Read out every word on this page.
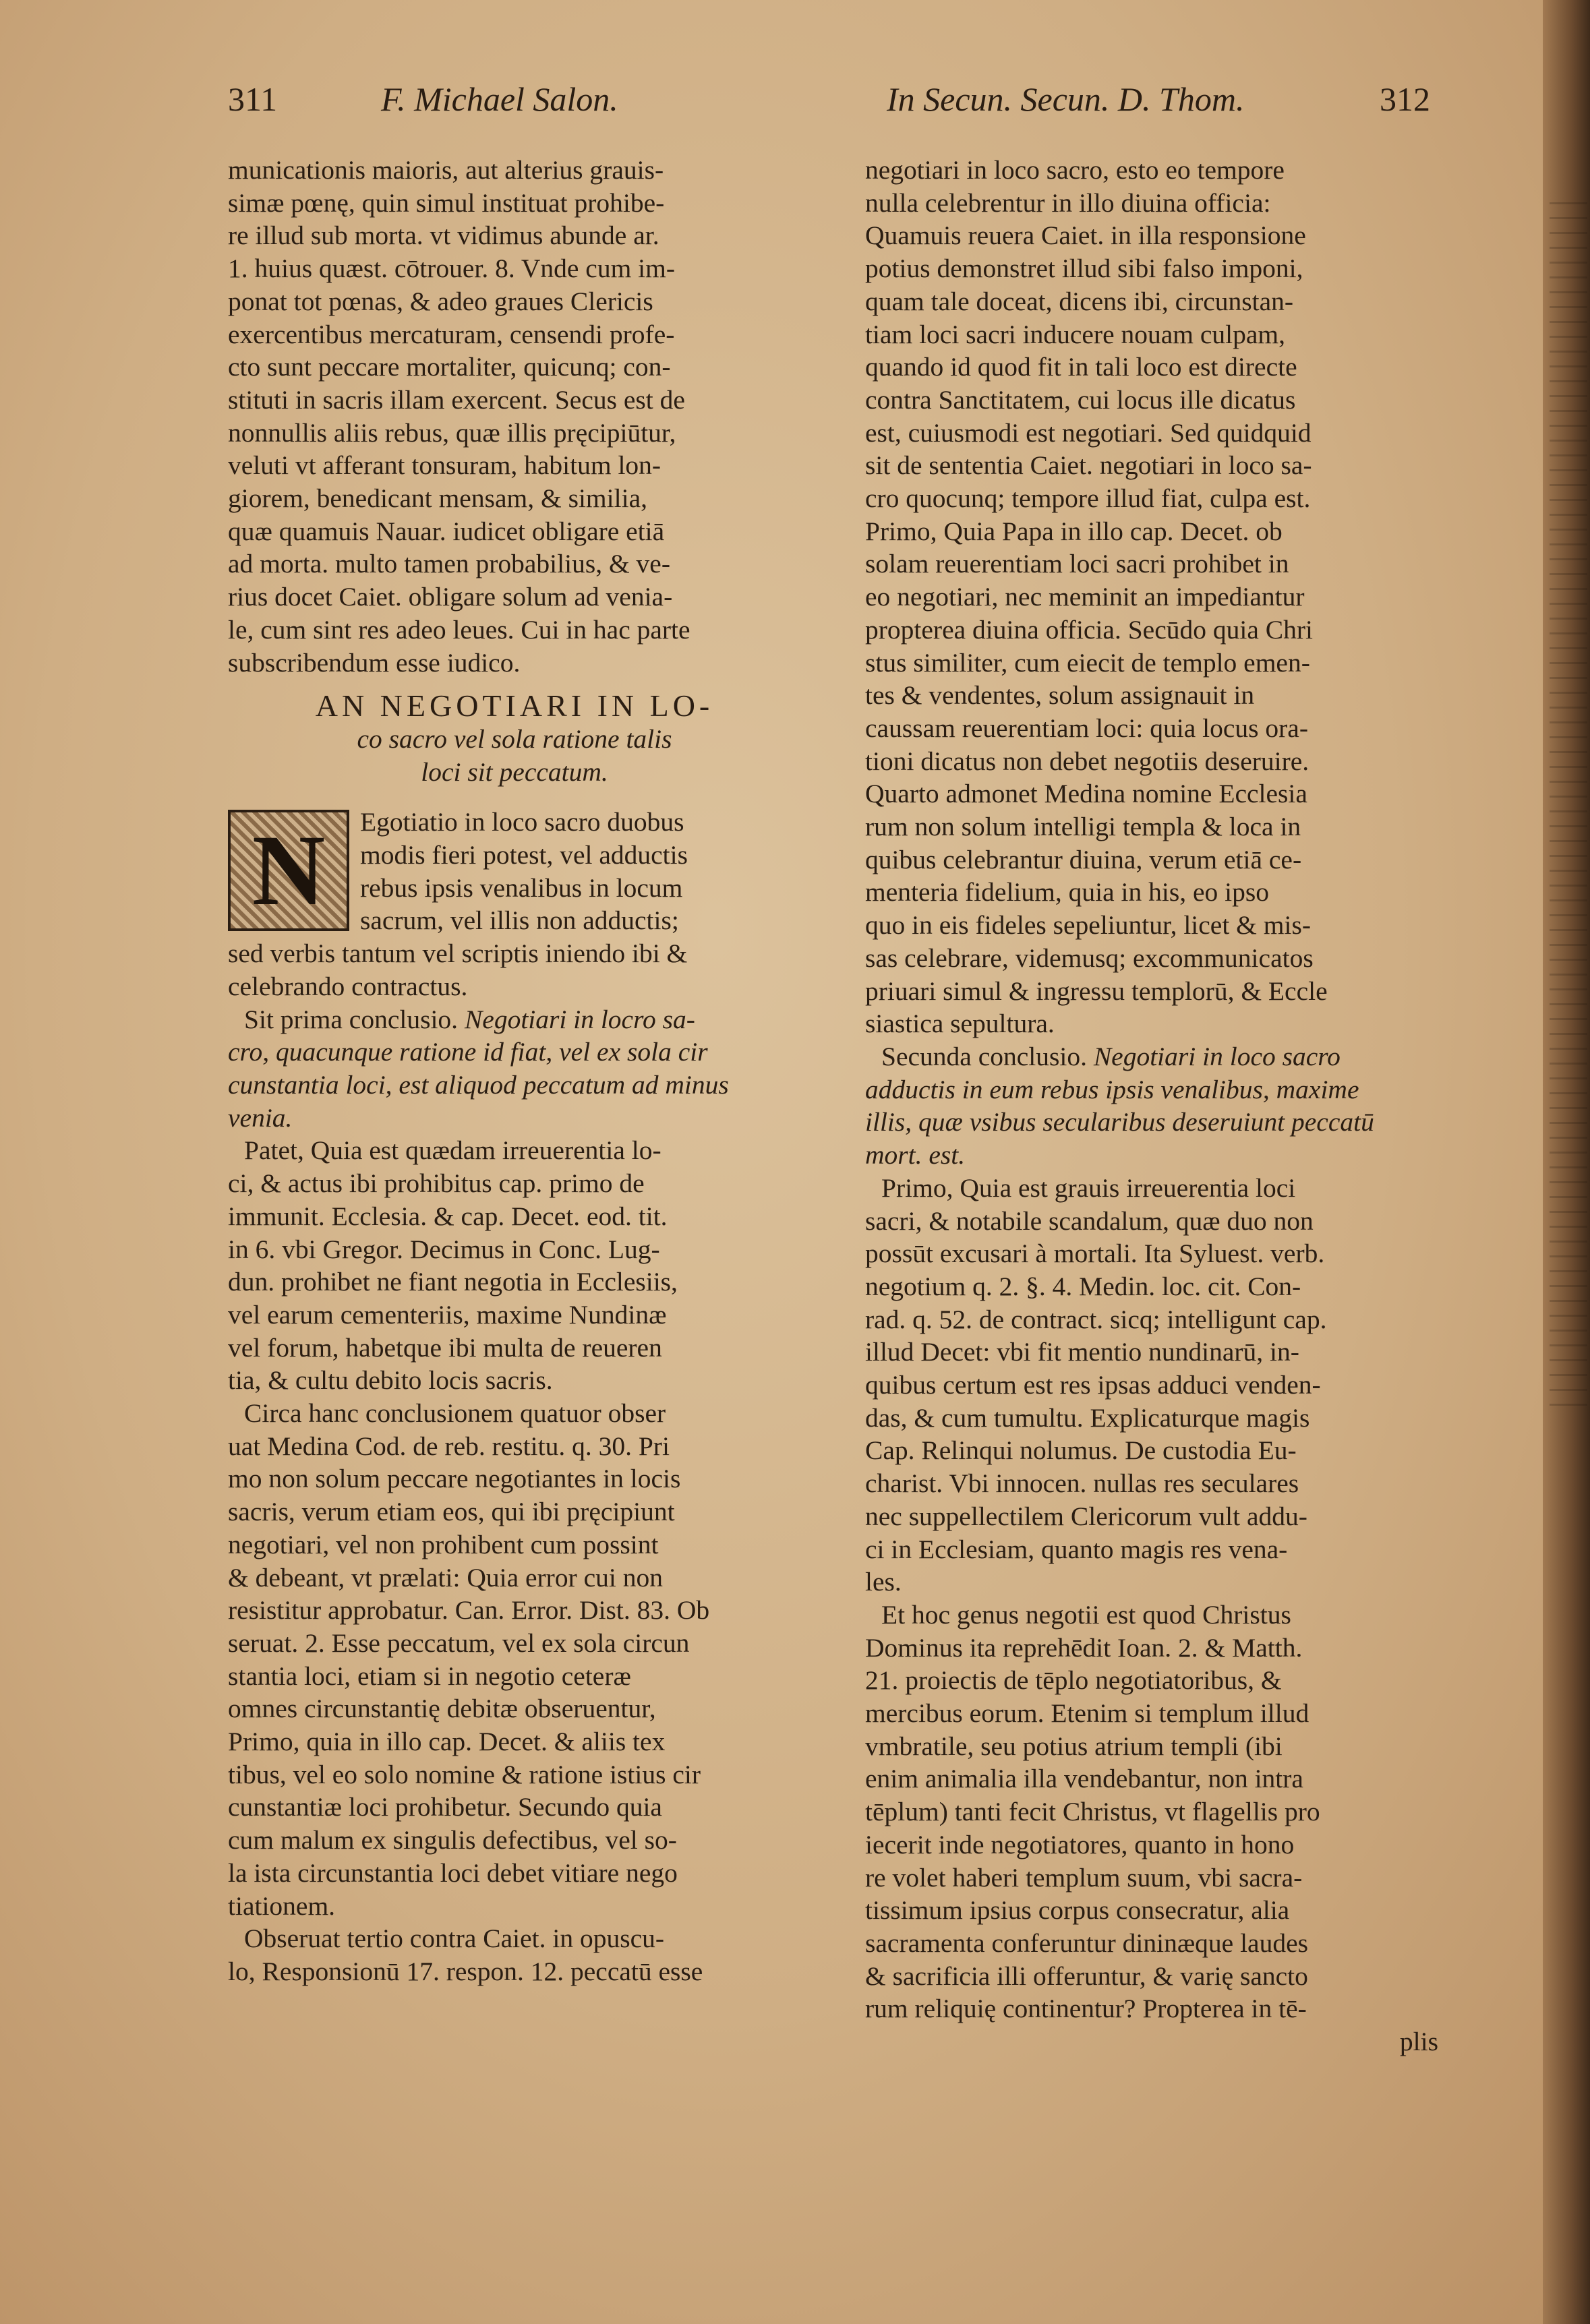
311	F. Michael Salon.	In Secun. Secun. D. Thom.	312

municationis maioris, aut alterius grauis-

simæ pœnę, quin simul instituat prohibe-

re illud sub morta. vt vidimus abunde ar.

1. huius quæst. cōtrouer. 8. Vnde cum im-

ponat tot pœnas, & adeo graues Clericis

exercentibus mercaturam, censendi profe-

cto sunt peccare mortaliter, quicunq; con-

stituti in sacris illam exercent. Secus est de

nonnullis aliis rebus, quæ illis pręcipiūtur,

veluti vt afferant tonsuram, habitum lon-

giorem, benedicant mensam, & similia,

quæ quamuis Nauar. iudicet obligare etiā

ad morta. multo tamen probabilius, & ve-

rius docet Caiet. obligare solum ad venia-

le, cum sint res adeo leues. Cui in hac parte

subscribendum esse iudico.

AN NEGOTIARI IN LO-

co sacro vel sola ratione talis

loci sit peccatum.

N	Egotiatio in loco sacro duobus

modis fieri potest, vel adductis

rebus ipsis venalibus in locum

sacrum, vel illis non adductis;

sed verbis tantum vel scriptis iniendo ibi &

celebrando contractus.

Sit prima conclusio. Negotiari in locro sa-

cro, quacunque ratione id fiat, vel ex sola cir

cunstantia loci, est aliquod peccatum ad minus

venia.

Patet, Quia est quædam irreuerentia lo-

ci, & actus ibi prohibitus cap. primo de

immunit. Ecclesia. & cap. Decet. eod. tit.

in 6. vbi Gregor. Decimus in Conc. Lug-

dun. prohibet ne fiant negotia in Ecclesiis,

vel earum cementeriis, maxime Nundinæ

vel forum, habetque ibi multa de reueren

tia, & cultu debito locis sacris.

Circa hanc conclusionem quatuor obser

uat Medina Cod. de reb. restitu. q. 30. Pri

mo non solum peccare negotiantes in locis

sacris, verum etiam eos, qui ibi pręcipiunt

negotiari, vel non prohibent cum possint

& debeant, vt prælati: Quia error cui non

resistitur approbatur. Can. Error. Dist. 83. Ob

seruat. 2. Esse peccatum, vel ex sola circun

stantia loci, etiam si in negotio ceteræ

omnes circunstantię debitæ obseruentur,

Primo, quia in illo cap. Decet. & aliis tex

tibus, vel eo solo nomine & ratione istius cir

cunstantiæ loci prohibetur. Secundo quia

cum malum ex singulis defectibus, vel so-

la ista circunstantia loci debet vitiare nego

tiationem.

Obseruat tertio contra Caiet. in opuscu-

lo, Responsionū 17. respon. 12. peccatū esse

negotiari in loco sacro, esto eo tempore

nulla celebrentur in illo diuina officia:

Quamuis reuera Caiet. in illa responsione

potius demonstret illud sibi falso imponi,

quam tale doceat, dicens ibi, circunstan-

tiam loci sacri inducere nouam culpam,

quando id quod fit in tali loco est directe

contra Sanctitatem, cui locus ille dicatus

est, cuiusmodi est negotiari. Sed quidquid

sit de sententia Caiet. negotiari in loco sa-

cro quocunq; tempore illud fiat, culpa est.

Primo, Quia Papa in illo cap. Decet. ob

solam reuerentiam loci sacri prohibet in

eo negotiari, nec meminit an impediantur

propterea diuina officia. Secūdo quia Chri

stus similiter, cum eiecit de templo emen-

tes & vendentes, solum assignauit in

caussam reuerentiam loci: quia locus ora-

tioni dicatus non debet negotiis deseruire.

Quarto admonet Medina nomine Ecclesia

rum non solum intelligi templa & loca in

quibus celebrantur diuina, verum etiā ce-

menteria fidelium, quia in his, eo ipso

quo in eis fideles sepeliuntur, licet & mis-

sas celebrare, videmusq; excommunicatos

priuari simul & ingressu templorū, & Eccle

siastica sepultura.

Secunda conclusio. Negotiari in loco sacro

adductis in eum rebus ipsis venalibus, maxime

illis, quæ vsibus secularibus deseruiunt peccatū

mort. est.

Primo, Quia est grauis irreuerentia loci

sacri, & notabile scandalum, quæ duo non

possūt excusari à mortali. Ita Syluest. verb.

negotium q. 2. §. 4. Medin. loc. cit. Con-

rad. q. 52. de contract. sicq; intelligunt cap.

illud Decet: vbi fit mentio nundinarū, in-

quibus certum est res ipsas adduci venden-

das, & cum tumultu. Explicaturque magis

Cap. Relinqui nolumus. De custodia Eu-

charist. Vbi innocen. nullas res seculares

nec suppellectilem Clericorum vult addu-

ci in Ecclesiam, quanto magis res vena-

les.

Et hoc genus negotii est quod Christus

Dominus ita reprehēdit Ioan. 2. & Matth.

21. proiectis de tēplo negotiatoribus, &

mercibus eorum. Etenim si templum illud

vmbratile, seu potius atrium templi (ibi

enim animalia illa vendebantur, non intra

tēplum) tanti fecit Christus, vt flagellis pro

iecerit inde negotiatores, quanto in hono

re volet haberi templum suum, vbi sacra-

tissimum ipsius corpus consecratur, alia

sacramenta conferuntur dininæque laudes

& sacrificia illi offeruntur, & varię sancto

rum reliquię continentur? Propterea in tē-

plis
